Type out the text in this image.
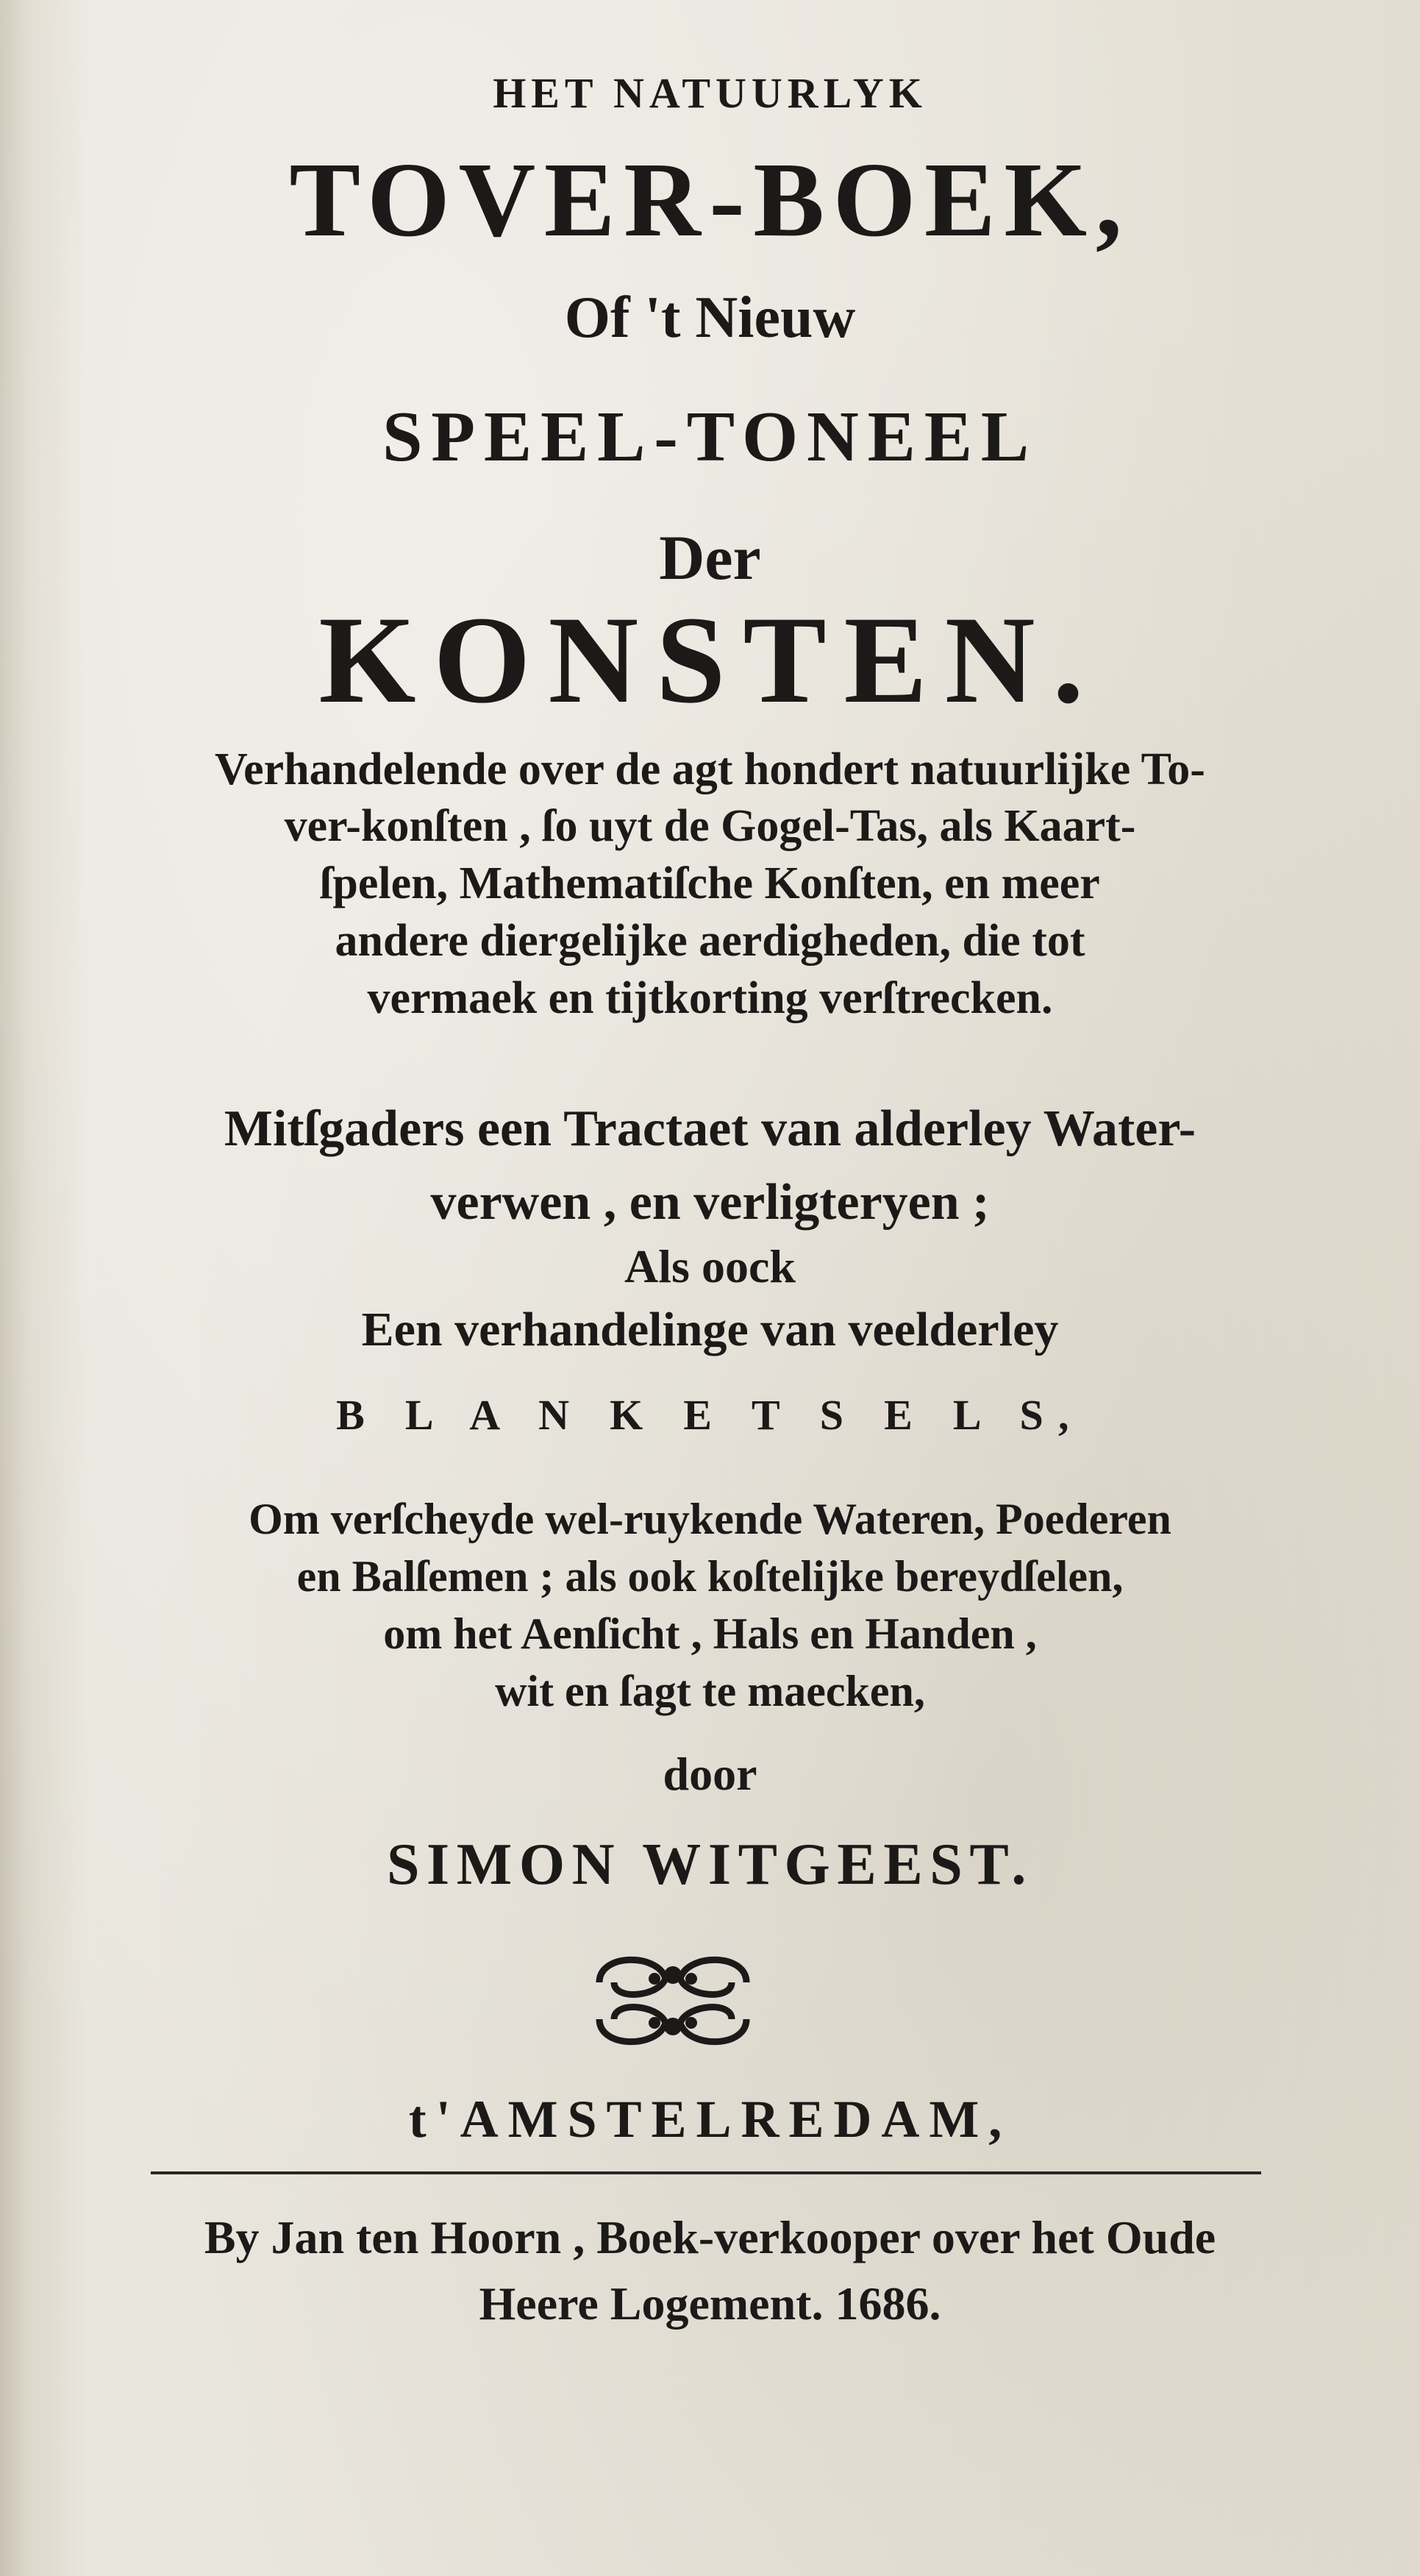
HET NATUURLYK
TOVER-BOEK,
Of 't Nieuw
SPEEL-TONEEL
Der
KONSTEN.
Verhandelende over de agt hondert natuurlijke To-
ver-konſten , ſo uyt de Gogel-Tas, als Kaart-
ſpelen, Mathematiſche Konſten, en meer
andere diergelijke aerdigheden, die tot
vermaek en tijtkorting verſtrecken.
Mitſgaders een Tractaet van alderley Water-
verwen , en verligteryen ;
Als oock
Een verhandelinge van veelderley
B L A N K E T S E L S,
Om verſcheyde wel-ruykende Wateren, Poederen
en Balſemen ; als ook koſtelijke bereydſelen,
om het Aenſicht , Hals en Handen ,
wit en ſagt te maecken,
door
SIMON WITGEEST.
t'AMSTELREDAM,
By Jan ten Hoorn , Boek-verkooper over het Oude
Heere Logement. 1686.
